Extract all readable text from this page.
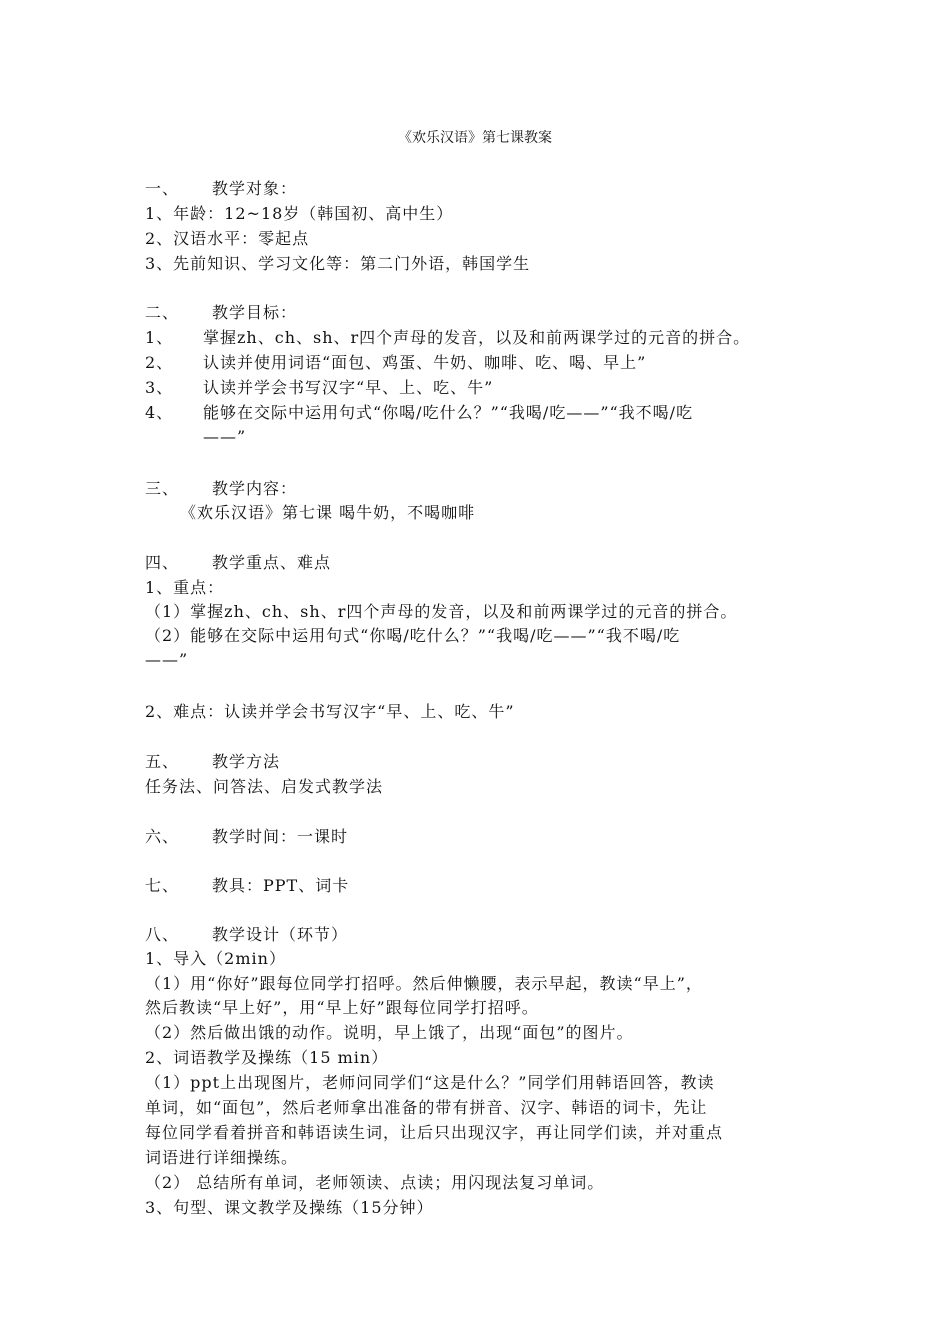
《欢乐汉语》第七课教案
一、 教学对象：
1、年龄：12~18岁（韩国初、高中生）
2、汉语水平：零起点
3、先前知识、学习文化等：第二门外语，韩国学生
二、 教学目标：
1、 掌握zh、ch、sh、r四个声母的发音，以及和前两课学过的元音的拼合。
2、 认读并使用词语“面包、鸡蛋、牛奶、咖啡、吃、喝、早上”
3、 认读并学会书写汉字“早、上、吃、牛”
4、 能够在交际中运用句式“你喝/吃什么？”“我喝/吃——”“我不喝/吃
——”
三、 教学内容：
《欢乐汉语》第七课 喝牛奶，不喝咖啡
四、 教学重点、难点
1、重点：
（1）掌握zh、ch、sh、r四个声母的发音，以及和前两课学过的元音的拼合。
（2）能够在交际中运用句式“你喝/吃什么？”“我喝/吃——”“我不喝/吃
——”
2、难点：认读并学会书写汉字“早、上、吃、牛”
五、 教学方法
任务法、问答法、启发式教学法
六、 教学时间：一课时
七、 教具：PPT、词卡
八、 教学设计（环节）
1、导入（2min）
（1）用“你好”跟每位同学打招呼。然后伸懒腰，表示早起，教读“早上”，
然后教读“早上好”，用“早上好”跟每位同学打招呼。
（2）然后做出饿的动作。说明，早上饿了，出现“面包”的图片。
2、词语教学及操练（15 min）
（1）ppt上出现图片，老师问同学们“这是什么？”同学们用韩语回答，教读
单词，如“面包”，然后老师拿出准备的带有拼音、汉字、韩语的词卡，先让
每位同学看着拼音和韩语读生词，让后只出现汉字，再让同学们读，并对重点
词语进行详细操练。
（2） 总结所有单词，老师领读、点读；用闪现法复习单词。
3、句型、课文教学及操练（15分钟）
